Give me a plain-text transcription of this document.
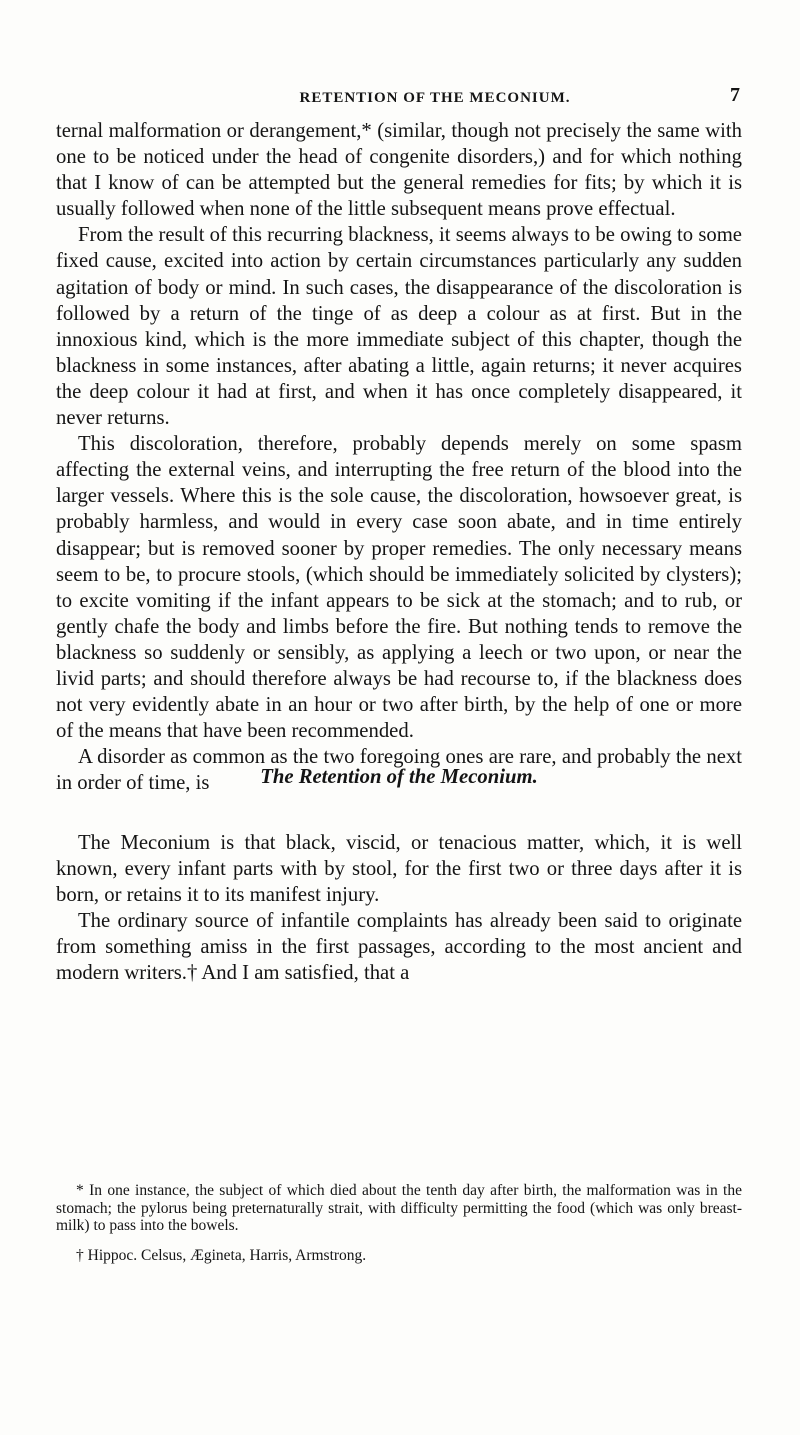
RETENTION OF THE MECONIUM.	7

ternal malformation or derangement,* (similar, though not precisely the same with one to be noticed under the head of congenite disorders,) and for which nothing that I know of can be attempted but the general remedies for fits; by which it is usually followed when none of the little subsequent means prove effectual.

From the result of this recurring blackness, it seems always to be owing to some fixed cause, excited into action by certain circumstances particularly any sudden agitation of body or mind. In such cases, the disappearance of the discoloration is followed by a return of the tinge of as deep a colour as at first. But in the innoxious kind, which is the more immediate subject of this chapter, though the blackness in some instances, after abating a little, again returns; it never acquires the deep colour it had at first, and when it has once completely disappeared, it never returns.

This discoloration, therefore, probably depends merely on some spasm affecting the external veins, and interrupting the free return of the blood into the larger vessels. Where this is the sole cause, the discoloration, howsoever great, is probably harmless, and would in every case soon abate, and in time entirely disappear; but is removed sooner by proper remedies. The only necessary means seem to be, to procure stools, (which should be immediately solicited by clysters); to excite vomiting if the infant appears to be sick at the stomach; and to rub, or gently chafe the body and limbs before the fire. But nothing tends to remove the blackness so suddenly or sensibly, as applying a leech or two upon, or near the livid parts; and should therefore always be had recourse to, if the blackness does not very evidently abate in an hour or two after birth, by the help of one or more of the means that have been recommended.

A disorder as common as the two foregoing ones are rare, and probably the next in order of time, is	The Retention of the Meconium.

The Meconium is that black, viscid, or tenacious matter, which, it is well known, every infant parts with by stool, for the first two or three days after it is born, or retains it to its manifest injury.

The ordinary source of infantile complaints has already been said to originate from something amiss in the first passages, according to the most ancient and modern writers.† And I am satisfied, that a

* In one instance, the subject of which died about the tenth day after birth, the malformation was in the stomach; the pylorus being preternaturally strait, with difficulty permitting the food (which was only breast-milk) to pass into the bowels.

† Hippoc. Celsus, Ægineta, Harris, Armstrong.
